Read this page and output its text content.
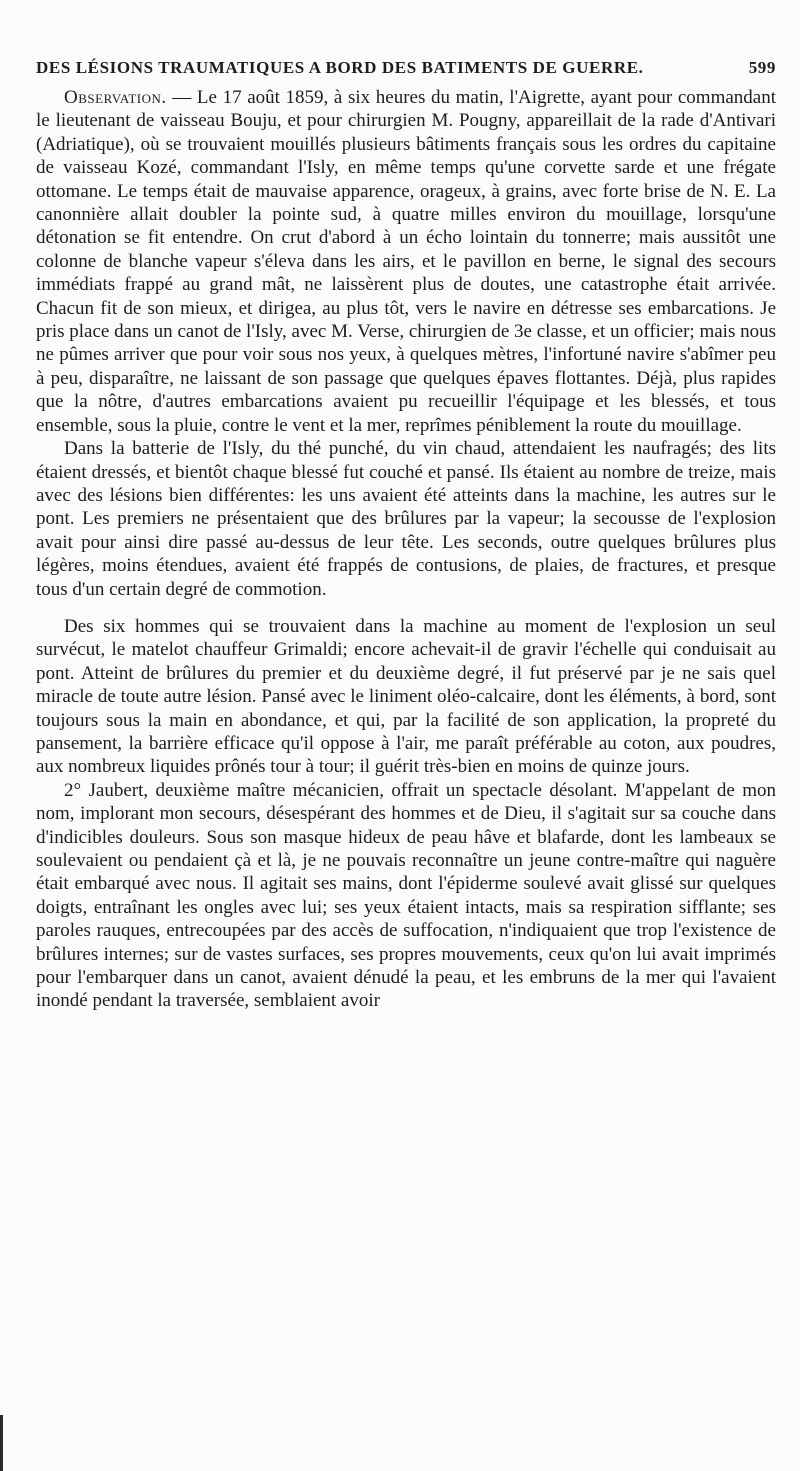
DES LÉSIONS TRAUMATIQUES A BORD DES BATIMENTS DE GUERRE.	599

Observation. — Le 17 août 1859, à six heures du matin, l'Aigrette, ayant pour commandant le lieutenant de vaisseau Bouju, et pour chirurgien M. Pougny, appareillait de la rade d'Antivari (Adriatique), où se trouvaient mouillés plusieurs bâtiments français sous les ordres du capitaine de vaisseau Kozé, commandant l'Isly, en même temps qu'une corvette sarde et une frégate ottomane. Le temps était de mauvaise apparence, orageux, à grains, avec forte brise de N. E. La canonnière allait doubler la pointe sud, à quatre milles environ du mouillage, lorsqu'une détonation se fit entendre. On crut d'abord à un écho lointain du tonnerre; mais aussitôt une colonne de blanche vapeur s'éleva dans les airs, et le pavillon en berne, le signal des secours immédiats frappé au grand mât, ne laissèrent plus de doutes, une catastrophe était arrivée. Chacun fit de son mieux, et dirigea, au plus tôt, vers le navire en détresse ses embarcations. Je pris place dans un canot de l'Isly, avec M. Verse, chirurgien de 3e classe, et un officier; mais nous ne pûmes arriver que pour voir sous nos yeux, à quelques mètres, l'infortuné navire s'abîmer peu à peu, disparaître, ne laissant de son passage que quelques épaves flottantes. Déjà, plus rapides que la nôtre, d'autres embarcations avaient pu recueillir l'équipage et les blessés, et tous ensemble, sous la pluie, contre le vent et la mer, reprîmes péniblement la route du mouillage.

Dans la batterie de l'Isly, du thé punché, du vin chaud, attendaient les naufragés; des lits étaient dressés, et bientôt chaque blessé fut couché et pansé. Ils étaient au nombre de treize, mais avec des lésions bien différentes: les uns avaient été atteints dans la machine, les autres sur le pont. Les premiers ne présentaient que des brûlures par la vapeur; la secousse de l'explosion avait pour ainsi dire passé au-dessus de leur tête. Les seconds, outre quelques brûlures plus légères, moins étendues, avaient été frappés de contusions, de plaies, de fractures, et presque tous d'un certain degré de commotion.

Des six hommes qui se trouvaient dans la machine au moment de l'explosion un seul survécut, le matelot chauffeur Grimaldi; encore achevait-il de gravir l'échelle qui conduisait au pont. Atteint de brûlures du premier et du deuxième degré, il fut préservé par je ne sais quel miracle de toute autre lésion. Pansé avec le liniment oléo-calcaire, dont les éléments, à bord, sont toujours sous la main en abondance, et qui, par la facilité de son application, la propreté du pansement, la barrière efficace qu'il oppose à l'air, me paraît préférable au coton, aux poudres, aux nombreux liquides prônés tour à tour; il guérit très-bien en moins de quinze jours.

2° Jaubert, deuxième maître mécanicien, offrait un spectacle désolant. M'appelant de mon nom, implorant mon secours, désespérant des hommes et de Dieu, il s'agitait sur sa couche dans d'indicibles douleurs. Sous son masque hideux de peau hâve et blafarde, dont les lambeaux se soulevaient ou pendaient çà et là, je ne pouvais reconnaître un jeune contre-maître qui naguère était embarqué avec nous. Il agitait ses mains, dont l'épiderme soulevé avait glissé sur quelques doigts, entraînant les ongles avec lui; ses yeux étaient intacts, mais sa respiration sifflante; ses paroles rauques, entrecoupées par des accès de suffocation, n'indiquaient que trop l'existence de brûlures internes; sur de vastes surfaces, ses propres mouvements, ceux qu'on lui avait imprimés pour l'embarquer dans un canot, avaient dénudé la peau, et les embruns de la mer qui l'avaient inondé pendant la traversée, semblaient avoir
